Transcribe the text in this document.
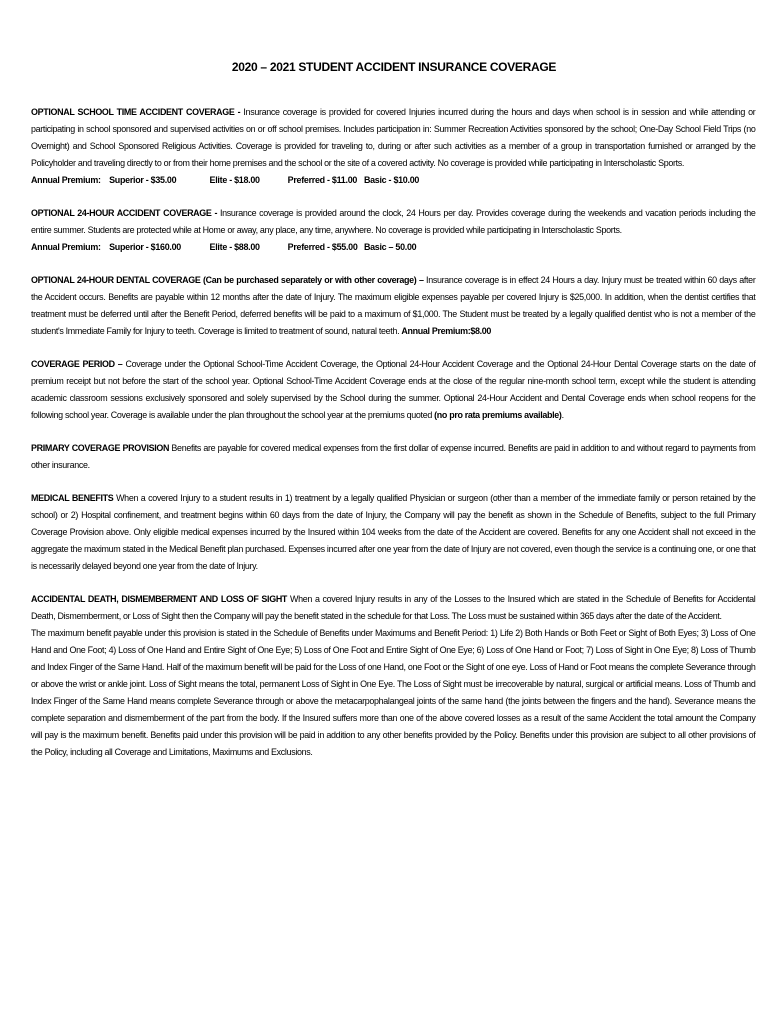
2020 – 2021 STUDENT ACCIDENT INSURANCE COVERAGE
OPTIONAL SCHOOL TIME ACCIDENT COVERAGE - Insurance coverage is provided for covered Injuries incurred during the hours and days when school is in session and while attending or participating in school sponsored and supervised activities on or off school premises. Includes participation in: Summer Recreation Activities sponsored by the school; One-Day School Field Trips (no Overnight) and School Sponsored Religious Activities. Coverage is provided for traveling to, during or after such activities as a member of a group in transportation furnished or arranged by the Policyholder and traveling directly to or from their home premises and the school or the site of a covered activity. No coverage is provided while participating in Interscholastic Sports.
Annual Premium: Superior - $35.00	Elite - $18.00	Preferred - $11.00 Basic - $10.00
OPTIONAL 24-HOUR ACCIDENT COVERAGE - Insurance coverage is provided around the clock, 24 Hours per day. Provides coverage during the weekends and vacation periods including the entire summer. Students are protected while at Home or away, any place, any time, anywhere. No coverage is provided while participating in Interscholastic Sports.
Annual Premium: Superior - $160.00	Elite - $88.00	Preferred - $55.00 Basic – 50.00
OPTIONAL 24-HOUR DENTAL COVERAGE (Can be purchased separately or with other coverage) – Insurance coverage is in effect 24 Hours a day. Injury must be treated within 60 days after the Accident occurs. Benefits are payable within 12 months after the date of Injury. The maximum eligible expenses payable per covered Injury is $25,000. In addition, when the dentist certifies that treatment must be deferred until after the Benefit Period, deferred benefits will be paid to a maximum of $1,000. The Student must be treated by a legally qualified dentist who is not a member of the student's Immediate Family for Injury to teeth. Coverage is limited to treatment of sound, natural teeth. Annual Premium:$8.00
COVERAGE PERIOD – Coverage under the Optional School-Time Accident Coverage, the Optional 24-Hour Accident Coverage and the Optional 24-Hour Dental Coverage starts on the date of premium receipt but not before the start of the school year. Optional School-Time Accident Coverage ends at the close of the regular nine-month school term, except while the student is attending academic classroom sessions exclusively sponsored and solely supervised by the School during the summer. Optional 24-Hour Accident and Dental Coverage ends when school reopens for the following school year. Coverage is available under the plan throughout the school year at the premiums quoted (no pro rata premiums available).
PRIMARY COVERAGE PROVISION Benefits are payable for covered medical expenses from the first dollar of expense incurred. Benefits are paid in addition to and without regard to payments from other insurance.
MEDICAL BENEFITS When a covered Injury to a student results in 1) treatment by a legally qualified Physician or surgeon (other than a member of the immediate family or person retained by the school) or 2) Hospital confinement, and treatment begins within 60 days from the date of Injury, the Company will pay the benefit as shown in the Schedule of Benefits, subject to the full Primary Coverage Provision above. Only eligible medical expenses incurred by the Insured within 104 weeks from the date of the Accident are covered. Benefits for any one Accident shall not exceed in the aggregate the maximum stated in the Medical Benefit plan purchased. Expenses incurred after one year from the date of Injury are not covered, even though the service is a continuing one, or one that is necessarily delayed beyond one year from the date of Injury.
ACCIDENTAL DEATH, DISMEMBERMENT AND LOSS OF SIGHT When a covered Injury results in any of the Losses to the Insured which are stated in the Schedule of Benefits for Accidental Death, Dismemberment, or Loss of Sight then the Company will pay the benefit stated in the schedule for that Loss. The Loss must be sustained within 365 days after the date of the Accident.
The maximum benefit payable under this provision is stated in the Schedule of Benefits under Maximums and Benefit Period: 1) Life 2) Both Hands or Both Feet or Sight of Both Eyes; 3) Loss of One Hand and One Foot; 4) Loss of One Hand and Entire Sight of One Eye; 5) Loss of One Foot and Entire Sight of One Eye; 6) Loss of One Hand or Foot; 7) Loss of Sight in One Eye; 8) Loss of Thumb and Index Finger of the Same Hand. Half of the maximum benefit will be paid for the Loss of one Hand, one Foot or the Sight of one eye. Loss of Hand or Foot means the complete Severance through or above the wrist or ankle joint. Loss of Sight means the total, permanent Loss of Sight in One Eye. The Loss of Sight must be irrecoverable by natural, surgical or artificial means. Loss of Thumb and Index Finger of the Same Hand means complete Severance through or above the metacarpophalangeal joints of the same hand (the joints between the fingers and the hand). Severance means the complete separation and dismemberment of the part from the body. If the Insured suffers more than one of the above covered losses as a result of the same Accident the total amount the Company will pay is the maximum benefit. Benefits paid under this provision will be paid in addition to any other benefits provided by the Policy. Benefits under this provision are subject to all other provisions of the Policy, including all Coverage and Limitations, Maximums and Exclusions.
